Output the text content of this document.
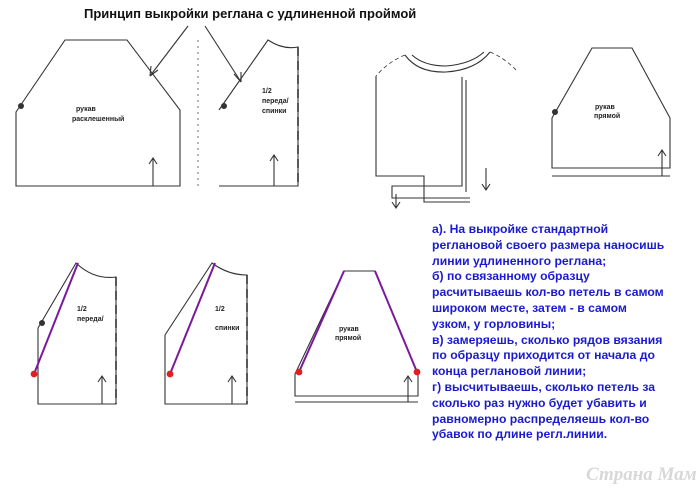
Принцип выкройки реглана с удлиненной проймой
рукав
расклешенный
1/2
переда/
спинки
рукав
прямой
1/2
переда/
1/2
спинки	рукав
прямой
а). На выкройке стандартной
реглановой своего размера наносишь
линии удлиненного реглана;
б) по связанному образцу
расчитываешь кол-во петель в самом
широком месте, затем - в самом
узком, у горловины;
в) замеряешь, сколько рядов вязания
по образцу приходится от начала до
конца реглановой линии;
г) высчитываешь, сколько петель за
сколько раз нужно будет убавить и
равномерно распределяешь кол-во
убавок по длине регл.линии.
Страна Мам
